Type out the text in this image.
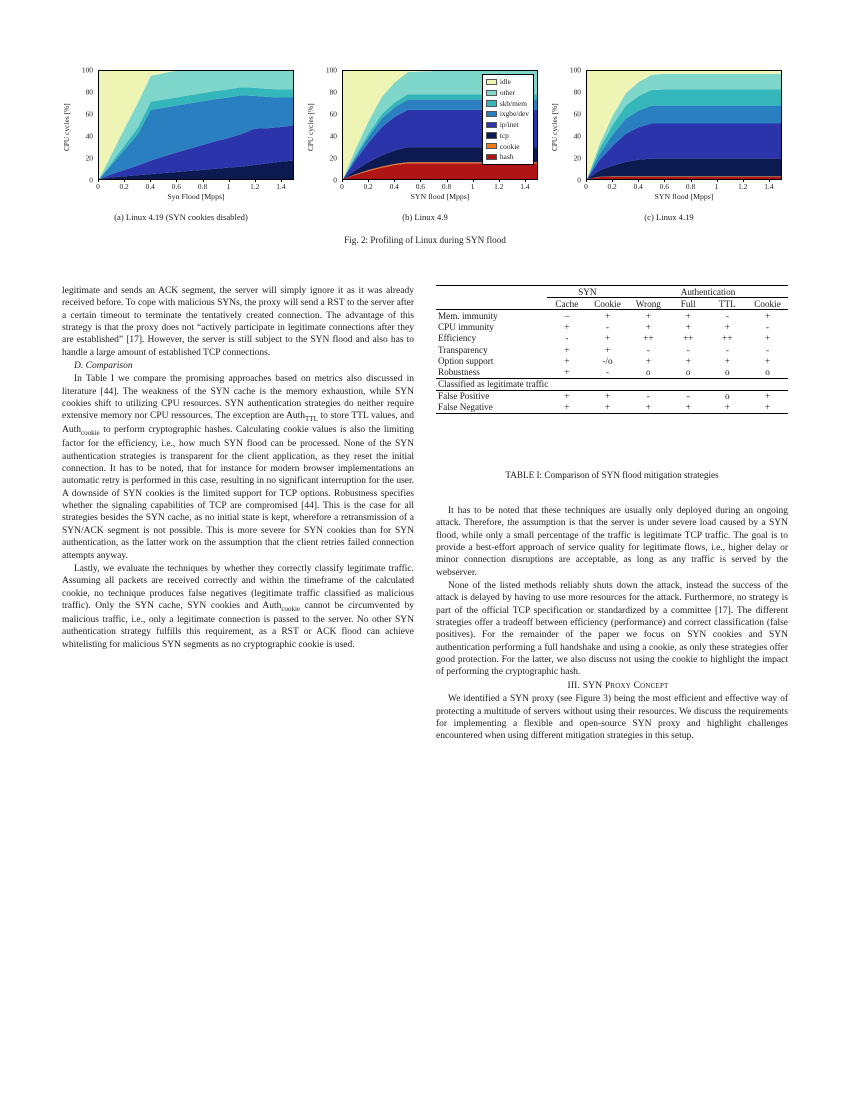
CPU cycles [%]
0
20
40
60
80
100
0	0.2 0.4 0.6 0.8	1	1.2 1.4
Syn Flood [Mpps]
(a) Linux 4.19 (SYN cookies disabled)
CPU cycles [%]
0
20
40
60
80
100
idle
other
skb/mem
ixgbe/dev
ip/inet
tcp
cookie
hash
0	0.2 0.4 0.6 0.8	1	1.2 1.4
SYN flood [Mpps]
(b) Linux 4.9
CPU cycles [%]
0
20
40
60
80
100
0	0.2 0.4 0.6 0.8	1	1.2 1.4
SYN flood [Mpps]
(c) Linux 4.19
Fig. 2: Profiling of Linux during SYN flood

legitimate and sends an ACK segment, the server will simply ignore it as it was already received before. To cope with malicious SYNs, the proxy will send a RST to the server after a certain timeout to terminate the tentatively created connection. The advantage of this strategy is that the proxy does not “actively participate in legitimate connections after they are established” [17]. However, the server is still subject to the SYN flood and also has to handle a large amount of established TCP connections.

D. Comparison

In Table I we compare the promising approaches based on metrics also discussed in literature [44]. The weakness of the SYN cache is the memory exhaustion, while SYN cookies shift to utilizing CPU resources. SYN authentication strategies do neither require extensive memory nor CPU ressources. The exception are Auth$_{TTL}$ to store TTL values, and Auth$_{cookie}$ to perform cryptographic hashes. Calculating cookie values is also the limiting factor for the efficiency, i.e., how much SYN flood can be processed. None of the SYN authentication strategies is transparent for the client application, as they reset the initial connection. It has to be noted, that for instance for modern browser implementations an automatic retry is performed in this case, resulting in no significant interruption for the user. A downside of SYN cookies is the limited support for TCP options. Robustness specifies whether the signaling capabilities of TCP are compromised [44]. This is the case for all strategies besides the SYN cache, as no initial state is kept, wherefore a retransmission of a SYN/ACK segment is not possible. This is more severe for SYN cookies than for SYN authentication, as the latter work on the assumption that the client retries failed connection attempts anyway.

Lastly, we evaluate the techniques by whether they correctly classify legitimate traffic. Assuming all packets are received correctly and within the timeframe of the calculated cookie, no technique produces false negatives (legitimate traffic classified as malicious traffic). Only the SYN cache, SYN cookies and Auth$_{cookie}$ cannot be circumvented by malicious traffic, i.e., only a legitimate connection is passed to the server. No other SYN authentication strategy fulfills this requirement, as a RST or ACK flood can achieve whitelisting for malicious SYN segments as no cryptographic cookie is used.

	SYN		Authentication			
	Cache	Cookie	Wrong	Full	TTL	Cookie
Mem. immunity	–	+	+	+	-	+
CPU immunity	+	-	+	+	+	-
Efficiency	-	+	++	++	++	+
Transparency	+	+	-	-	-	-
Option support	+	-/o	+	+	+	+
Robustness	+	-	o	o	o	o
Classified as legitimate traffic						
False Positive	+	+	-	-	o	+
False Negative	+	+	+	+	+	+

TABLE I: Comparison of SYN flood mitigation strategies

It has to be noted that these techniques are usually only deployed during an ongoing attack. Therefore, the assumption is that the server is under severe load caused by a SYN flood, while only a small percentage of the traffic is legitimate TCP traffic. The goal is to provide a best-effort approach of service quality for legitimate flows, i.e., higher delay or minor connection disruptions are acceptable, as long as any traffic is served by the webserver.

None of the listed methods reliably shuts down the attack, instead the success of the attack is delayed by having to use more resources for the attack. Furthermore, no strategy is part of the official TCP specification or standardized by a committee [17]. The different strategies offer a tradeoff between efficiency (performance) and correct classification (false positives). For the remainder of the paper we focus on SYN cookies and SYN authentication performing a full handshake and using a cookie, as only these strategies offer good protection. For the latter, we also discuss not using the cookie to highlight the impact of performing the cryptographic hash.

III. SYN Proxy Concept

We identified a SYN proxy (see Figure 3) being the most efficient and effective way of protecting a multitude of servers without using their resources. We discuss the requirements for implementing a flexible and open-source SYN proxy and highlight challenges encountered when using different mitigation strategies in this setup.
